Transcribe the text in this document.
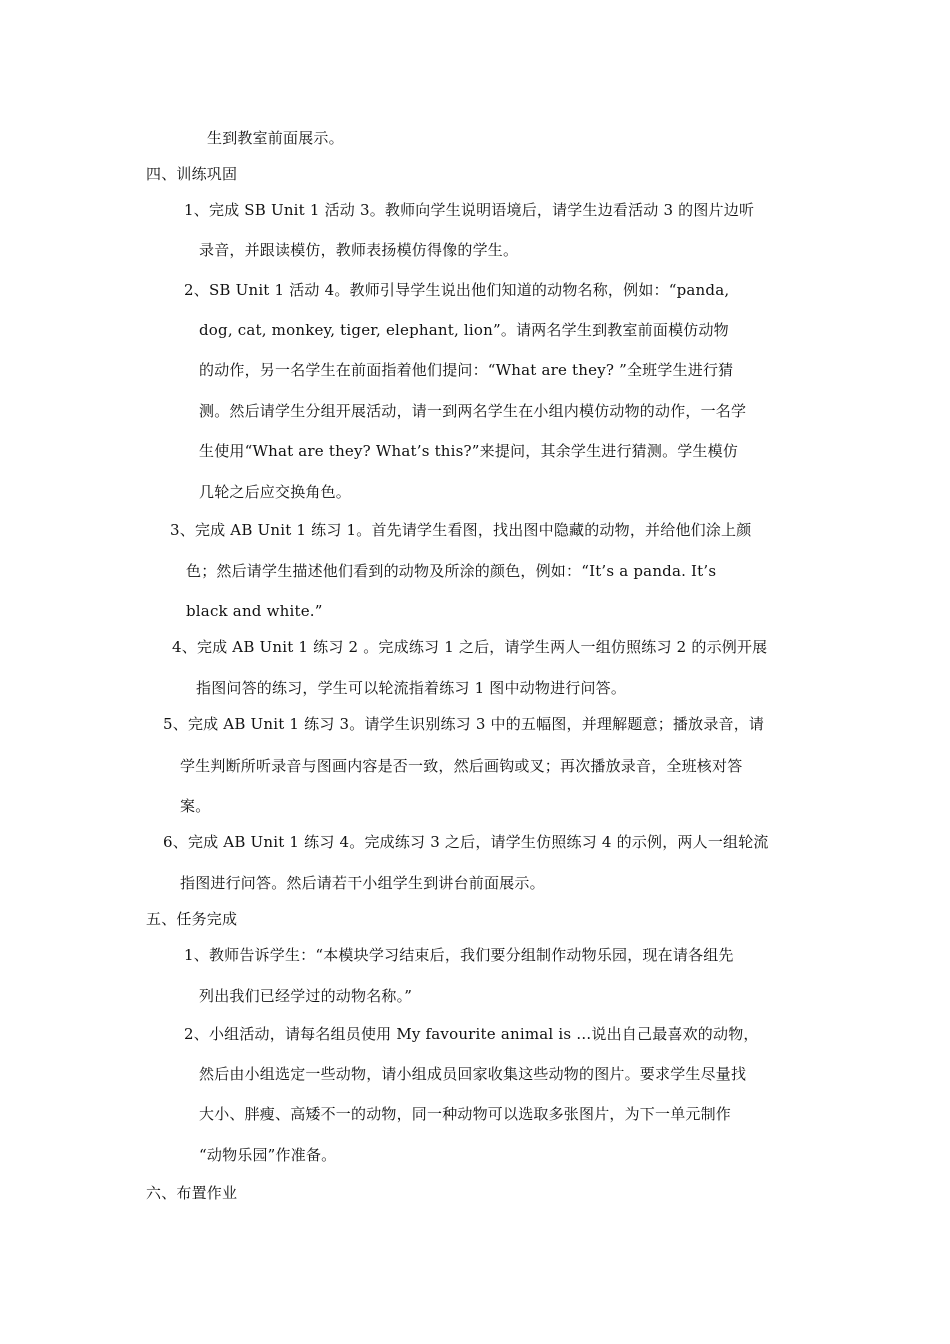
生到教室前面展示。
四、训练巩固
1、完成 SB Unit 1 活动 3。教师向学生说明语境后，请学生边看活动 3 的图片边听
录音，并跟读模仿，教师表扬模仿得像的学生。
2、SB Unit 1 活动 4。教师引导学生说出他们知道的动物名称，例如：“panda,
dog, cat, monkey, tiger, elephant, lion”。请两名学生到教室前面模仿动物
的动作，另一名学生在前面指着他们提问：“What are they? ”全班学生进行猜
测。然后请学生分组开展活动，请一到两名学生在小组内模仿动物的动作，一名学
生使用“What are they? What’s this?”来提问，其余学生进行猜测。学生模仿
几轮之后应交换角色。
3、完成 AB Unit 1 练习 1。首先请学生看图，找出图中隐藏的动物，并给他们涂上颜
色；然后请学生描述他们看到的动物及所涂的颜色，例如：“It’s a panda. It’s
black and white.”
4、完成 AB Unit 1 练习 2 。完成练习 1 之后，请学生两人一组仿照练习 2 的示例开展
指图问答的练习，学生可以轮流指着练习 1 图中动物进行问答。
5、完成 AB Unit 1 练习 3。请学生识别练习 3 中的五幅图，并理解题意；播放录音，请
学生判断所听录音与图画内容是否一致，然后画钩或叉；再次播放录音，全班核对答
案。
6、完成 AB Unit 1 练习 4。完成练习 3 之后，请学生仿照练习 4 的示例，两人一组轮流
指图进行问答。然后请若干小组学生到讲台前面展示。
五、任务完成
1、教师告诉学生：“本模块学习结束后，我们要分组制作动物乐园，现在请各组先
列出我们已经学过的动物名称。”
2、小组活动，请每名组员使用 My favourite animal is …说出自己最喜欢的动物，
然后由小组选定一些动物，请小组成员回家收集这些动物的图片。要求学生尽量找
大小、胖瘦、高矮不一的动物，同一种动物可以选取多张图片，为下一单元制作
“动物乐园”作准备。
六、布置作业
